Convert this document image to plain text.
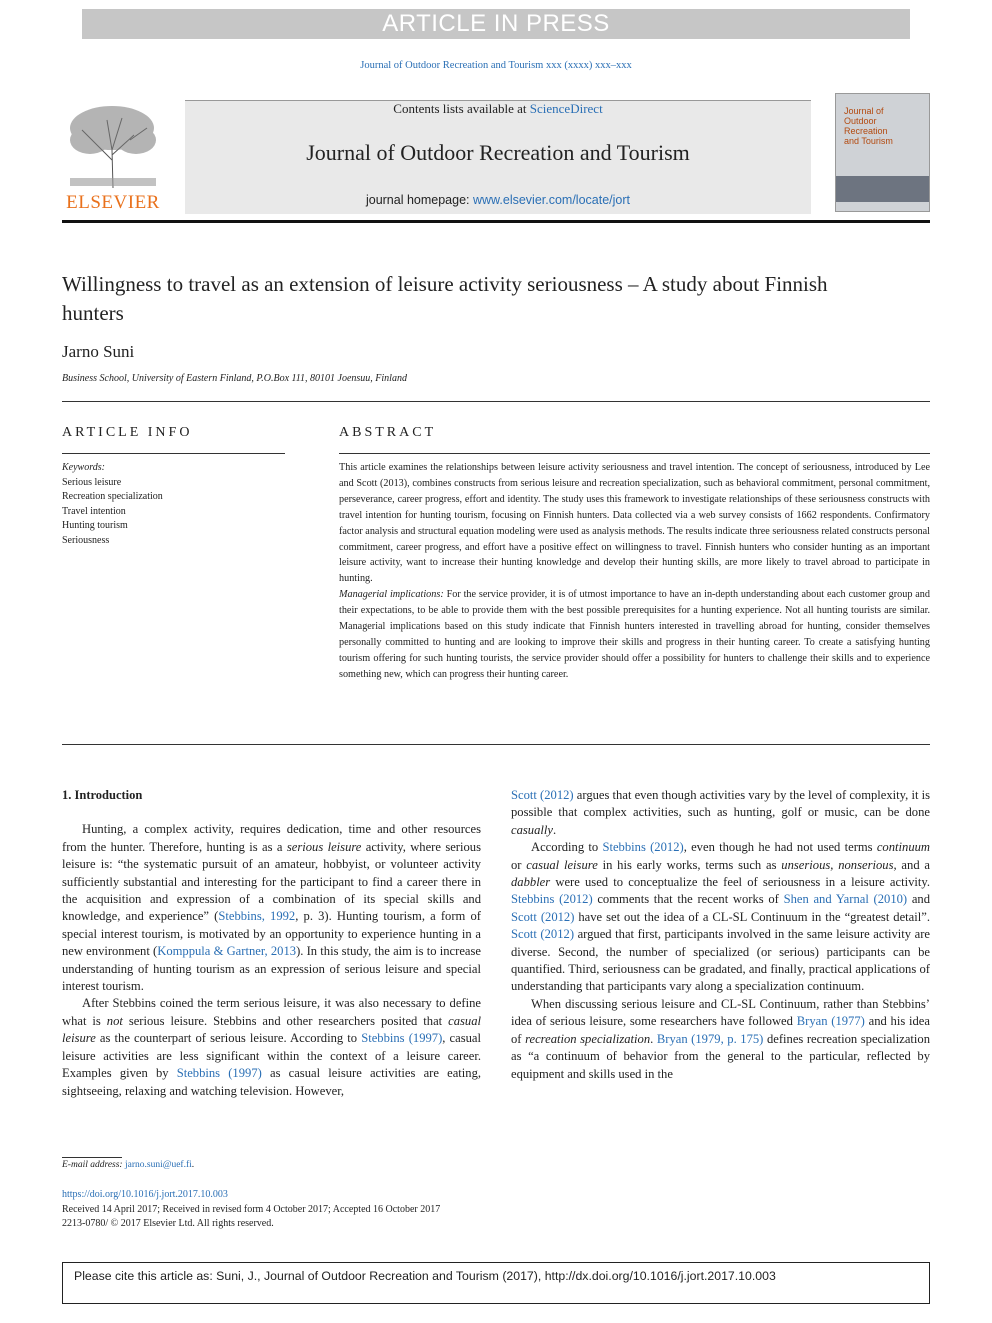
ARTICLE IN PRESS
Journal of Outdoor Recreation and Tourism xxx (xxxx) xxx–xxx
ELSEVIER
Contents lists available at ScienceDirect
Journal of Outdoor Recreation and Tourism
journal homepage: www.elsevier.com/locate/jort
Journal of
Outdoor
Recreation
and Tourism
Willingness to travel as an extension of leisure activity seriousness – A study about Finnish hunters
Jarno Suni
Business School, University of Eastern Finland, P.O.Box 111, 80101 Joensuu, Finland
ARTICLE INFO	ABSTRACT
Keywords:
Serious leisure
Recreation specialization
Travel intention
Hunting tourism
Seriousness

This article examines the relationships between leisure activity seriousness and travel intention. The concept of seriousness, introduced by Lee and Scott (2013), combines constructs from serious leisure and recreation specialization, such as behavioral commitment, personal commitment, perseverance, career progress, effort and identity. The study uses this framework to investigate relationships of these seriousness constructs with travel intention for hunting tourism, focusing on Finnish hunters. Data collected via a web survey consists of 1662 respondents. Confirmatory factor analysis and structural equation modeling were used as analysis methods. The results indicate three seriousness related constructs personal commitment, career progress, and effort have a positive effect on willingness to travel. Finnish hunters who consider hunting as an important leisure activity, want to increase their hunting knowledge and develop their hunting skills, are more likely to travel abroad to participate in hunting.

Managerial implications: For the service provider, it is of utmost importance to have an in-depth understanding about each customer group and their expectations, to be able to provide them with the best possible prerequisites for a hunting experience. Not all hunting tourists are similar. Managerial implications based on this study indicate that Finnish hunters interested in travelling abroad for hunting, consider themselves personally committed to hunting and are looking to improve their skills and progress in their hunting career. To create a satisfying hunting tourism offering for such hunting tourists, the service provider should offer a possibility for hunters to challenge their skills and to experience something new, which can progress their hunting career.

1. Introduction

Hunting, a complex activity, requires dedication, time and other resources from the hunter. Therefore, hunting is as a serious leisure activity, where serious leisure is: “the systematic pursuit of an amateur, hobbyist, or volunteer activity sufficiently substantial and interesting for the participant to find a career there in the acquisition and expression of a combination of its special skills and knowledge, and experience” (Stebbins, 1992, p. 3). Hunting tourism, a form of special interest tourism, is motivated by an opportunity to experience hunting in a new environment (Komppula & Gartner, 2013). In this study, the aim is to increase understanding of hunting tourism as an expression of serious leisure and special interest tourism.

After Stebbins coined the term serious leisure, it was also necessary to define what is not serious leisure. Stebbins and other researchers posited that casual leisure as the counterpart of serious leisure. According to Stebbins (1997), casual leisure activities are less significant within the context of a leisure career. Examples given by Stebbins (1997) as casual leisure activities are eating, sightseeing, relaxing and watching television. However,

Scott (2012) argues that even though activities vary by the level of complexity, it is possible that complex activities, such as hunting, golf or music, can be done casually.

According to Stebbins (2012), even though he had not used terms continuum or casual leisure in his early works, terms such as unserious, nonserious, and a dabbler were used to conceptualize the feel of seriousness in a leisure activity. Stebbins (2012) comments that the recent works of Shen and Yarnal (2010) and Scott (2012) have set out the idea of a CL-SL Continuum in the “greatest detail”. Scott (2012) argued that first, participants involved in the same leisure activity are diverse. Second, the number of specialized (or serious) participants can be quantified. Third, seriousness can be gradated, and finally, practical applications of understanding that participants vary along a specialization continuum.

When discussing serious leisure and CL-SL Continuum, rather than Stebbins’ idea of serious leisure, some researchers have followed Bryan (1977) and his idea of recreation specialization. Bryan (1979, p. 175) defines recreation specialization as “a continuum of behavior from the general to the particular, reflected by equipment and skills used in the

E-mail address: jarno.suni@uef.fi.
https://doi.org/10.1016/j.jort.2017.10.003
Received 14 April 2017; Received in revised form 4 October 2017; Accepted 16 October 2017
2213-0780/ © 2017 Elsevier Ltd. All rights reserved.
Please cite this article as: Suni, J., Journal of Outdoor Recreation and Tourism (2017), http://dx.doi.org/10.1016/j.jort.2017.10.003
